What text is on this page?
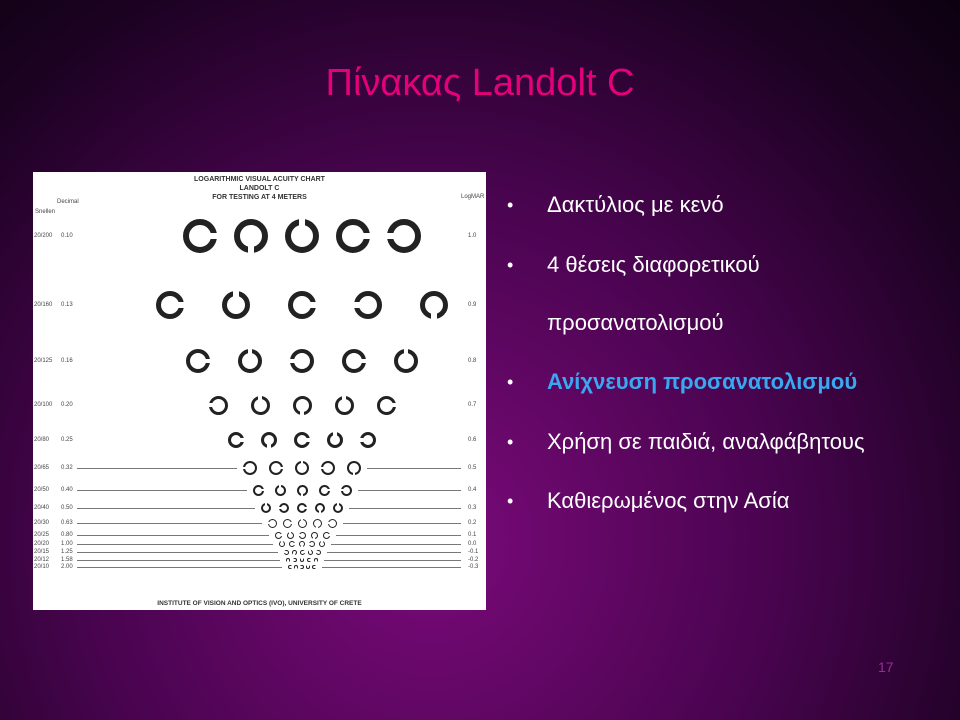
Πίνακας Landolt C
LOGARITHMIC VISUAL ACUITY CHART
LANDOLT C
FOR TESTING AT 4 METERS
Decimal
Snellen
LogMAR
INSTITUTE OF VISION AND OPTICS (IVO), UNIVERSITY OF CRETE
20/200 0.10	1.0
20/160 0.13	0.9
20/125 0.16	0.8
20/100 0.20	0.7
20/80 0.25	0.6
20/65 0.32	0.5
20/50 0.40	0.4
20/40 0.50	0.3
20/30 0.63	0.2
20/25 0.80	0.1
20/20 1.00	0.0
20/15 1.25	-0.1
20/12 1.58	-0.2
20/10 2.00	-0.3
Δακτύλιος με κενό
4 θέσεις διαφορετικού
προσανατολισμού
Ανίχνευση προσανατολισμού
Χρήση σε παιδιά, αναλφάβητους
Καθιερωμένος στην Ασία
17
